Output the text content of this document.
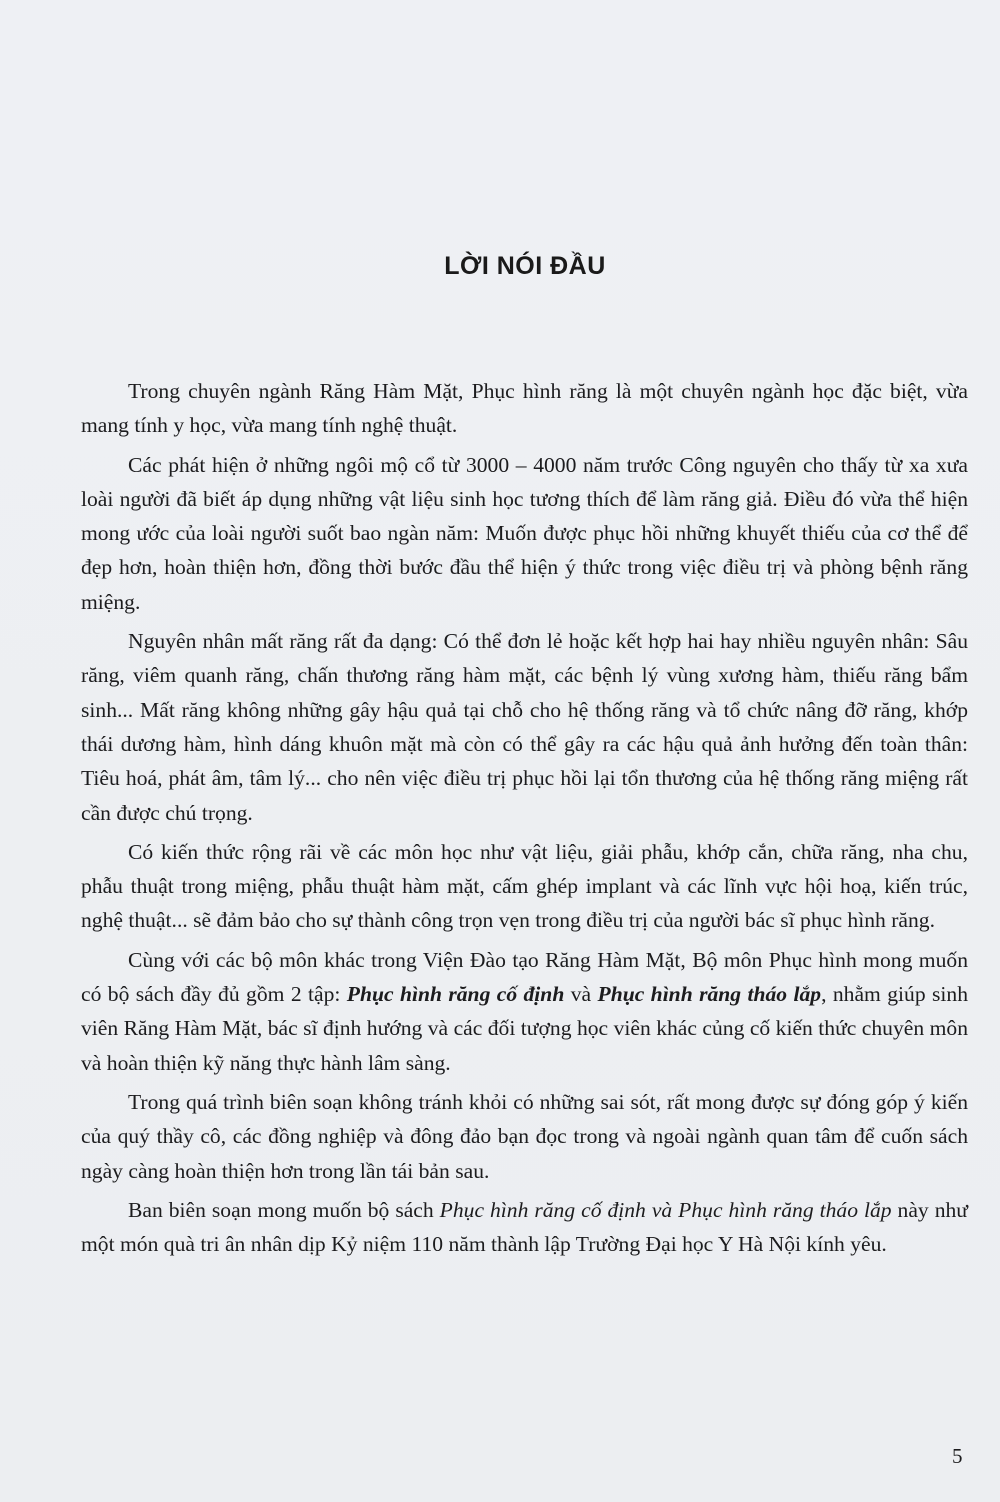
LỜI NÓI ĐẦU

Trong chuyên ngành Răng Hàm Mặt, Phục hình răng là một chuyên ngành học đặc biệt, vừa mang tính y học, vừa mang tính nghệ thuật.

Các phát hiện ở những ngôi mộ cổ từ 3000 – 4000 năm trước Công nguyên cho thấy từ xa xưa loài người đã biết áp dụng những vật liệu sinh học tương thích để làm răng giả. Điều đó vừa thể hiện mong ước của loài người suốt bao ngàn năm: Muốn được phục hồi những khuyết thiếu của cơ thể để đẹp hơn, hoàn thiện hơn, đồng thời bước đầu thể hiện ý thức trong việc điều trị và phòng bệnh răng miệng.

Nguyên nhân mất răng rất đa dạng: Có thể đơn lẻ hoặc kết hợp hai hay nhiều nguyên nhân: Sâu răng, viêm quanh răng, chấn thương răng hàm mặt, các bệnh lý vùng xương hàm, thiếu răng bẩm sinh... Mất răng không những gây hậu quả tại chỗ cho hệ thống răng và tổ chức nâng đỡ răng, khớp thái dương hàm, hình dáng khuôn mặt mà còn có thể gây ra các hậu quả ảnh hưởng đến toàn thân: Tiêu hoá, phát âm, tâm lý... cho nên việc điều trị phục hồi lại tổn thương của hệ thống răng miệng rất cần được chú trọng.

Có kiến thức rộng rãi về các môn học như vật liệu, giải phẫu, khớp cắn, chữa răng, nha chu, phẫu thuật trong miệng, phẫu thuật hàm mặt, cấm ghép implant và các lĩnh vực hội hoạ, kiến trúc, nghệ thuật... sẽ đảm bảo cho sự thành công trọn vẹn trong điều trị của người bác sĩ phục hình răng.

Cùng với các bộ môn khác trong Viện Đào tạo Răng Hàm Mặt, Bộ môn Phục hình mong muốn có bộ sách đầy đủ gồm 2 tập: Phục hình răng cố định và Phục hình răng tháo lắp, nhằm giúp sinh viên Răng Hàm Mặt, bác sĩ định hướng và các đối tượng học viên khác củng cố kiến thức chuyên môn và hoàn thiện kỹ năng thực hành lâm sàng.

Trong quá trình biên soạn không tránh khỏi có những sai sót, rất mong được sự đóng góp ý kiến của quý thầy cô, các đồng nghiệp và đông đảo bạn đọc trong và ngoài ngành quan tâm để cuốn sách ngày càng hoàn thiện hơn trong lần tái bản sau.

Ban biên soạn mong muốn bộ sách Phục hình răng cố định và Phục hình răng tháo lắp này như một món quà tri ân nhân dịp Kỷ niệm 110 năm thành lập Trường Đại học Y Hà Nội kính yêu.

5
